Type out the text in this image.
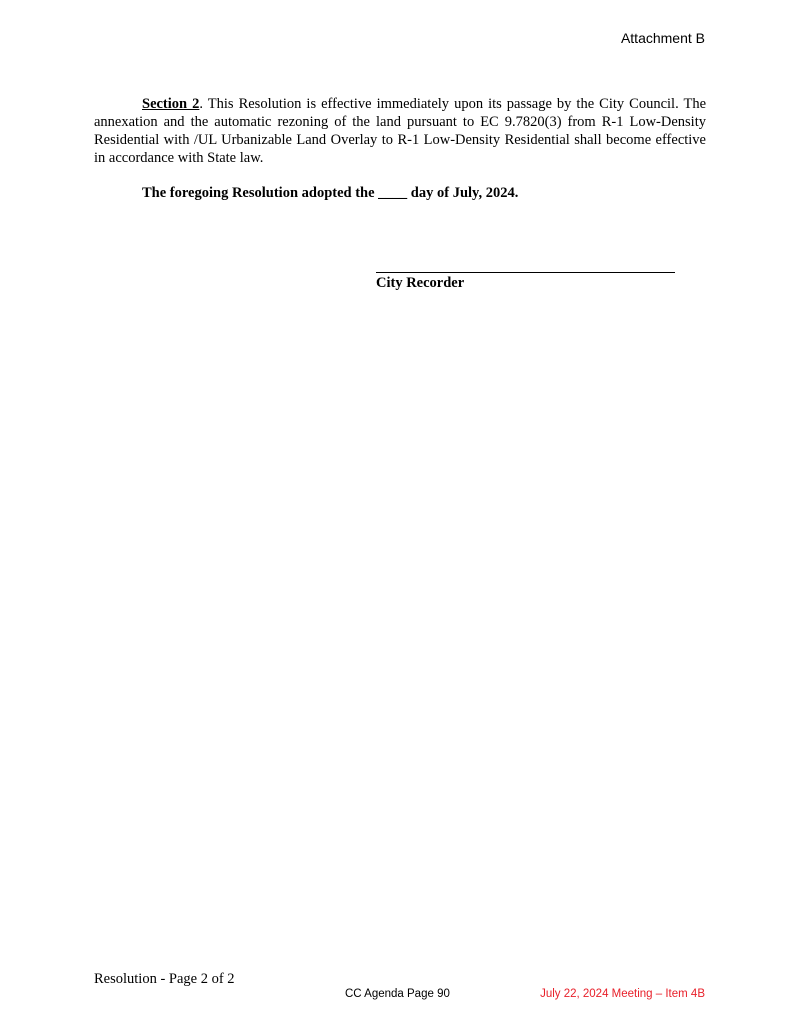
Attachment B

Section 2. This Resolution is effective immediately upon its passage by the City Council. The annexation and the automatic rezoning of the land pursuant to EC 9.7820(3) from R-1 Low-Density Residential with /UL Urbanizable Land Overlay to R-1 Low-Density Residential shall become effective in accordance with State law.

The foregoing Resolution adopted the ____ day of July, 2024.
City Recorder
Resolution - Page 2 of 2
CC Agenda Page 90	July 22, 2024 Meeting – Item 4B
